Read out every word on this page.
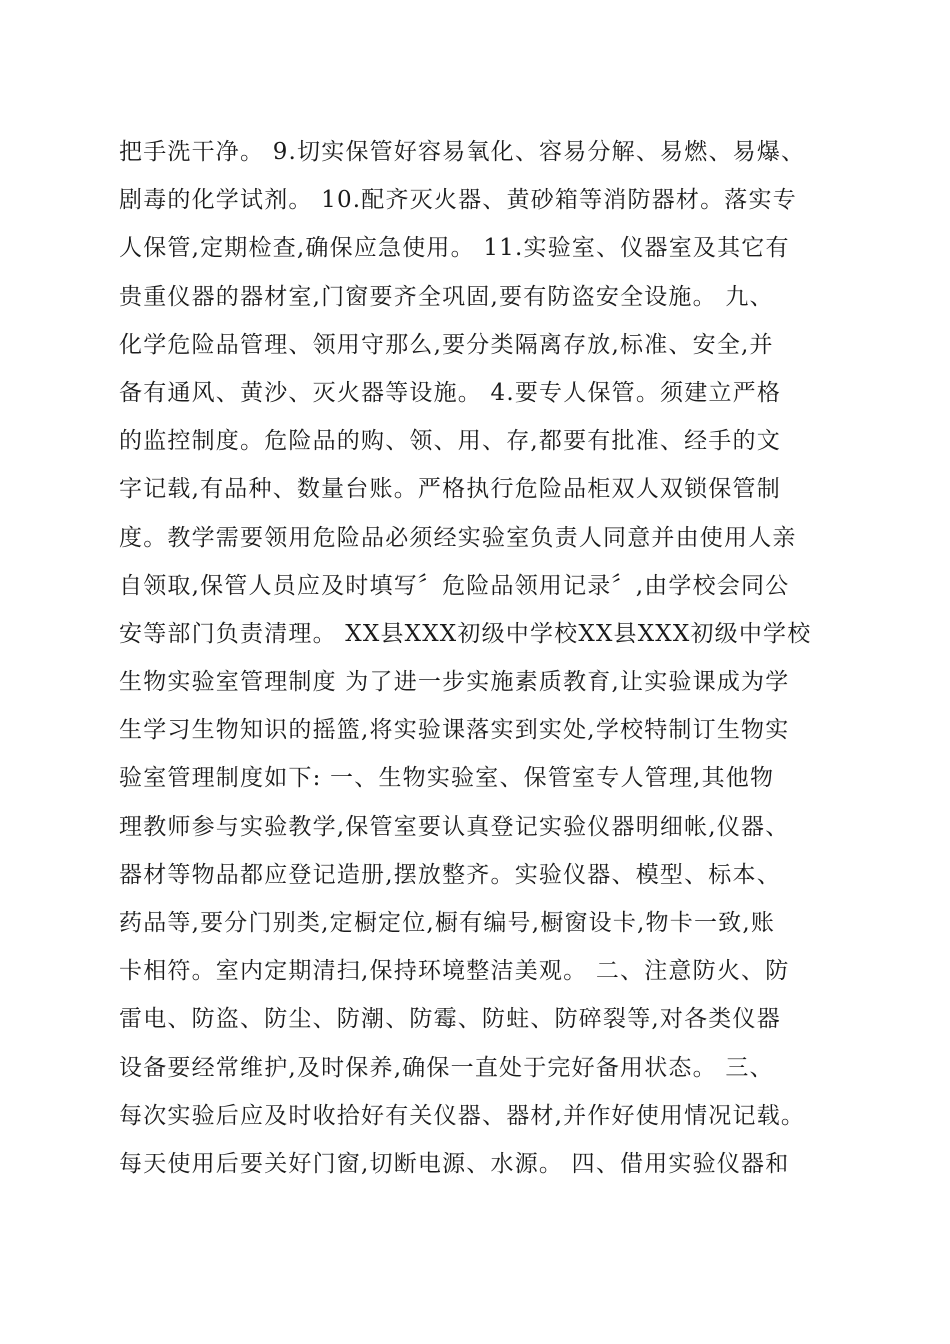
把手洗干净。 9.切实保管好容易氧化、容易分解、易燃、易爆、
剧毒的化学试剂。 10.配齐灭火器、黄砂箱等消防器材。落实专
人保管,定期检查,确保应急使用。 11.实验室、仪器室及其它有
贵重仪器的器材室,门窗要齐全巩固,要有防盗安全设施。 九、
化学危险品管理、领用守那么,要分类隔离存放,标准、安全,并
备有通风、黄沙、灭火器等设施。 4.要专人保管。须建立严格
的监控制度。危险品的购、领、用、存,都要有批准、经手的文
字记载,有品种、数量台账。严格执行危险品柜双人双锁保管制
度。教学需要领用危险品必须经实验室负责人同意并由使用人亲
自领取,保管人员应及时填写〞危险品领用记录〞,由学校会同公
安等部门负责清理。 XX县XXX初级中学校XX县XXX初级中学校
生物实验室管理制度 为了进一步实施素质教育,让实验课成为学
生学习生物知识的摇篮,将实验课落实到实处,学校特制订生物实
验室管理制度如下: 一、生物实验室、保管室专人管理,其他物
理教师参与实验教学,保管室要认真登记实验仪器明细帐,仪器、
器材等物品都应登记造册,摆放整齐。实验仪器、模型、标本、
药品等,要分门别类,定橱定位,橱有编号,橱窗设卡,物卡一致,账
卡相符。室内定期清扫,保持环境整洁美观。 二、注意防火、防
雷电、防盗、防尘、防潮、防霉、防蛀、防碎裂等,对各类仪器
设备要经常维护,及时保养,确保一直处于完好备用状态。 三、
每次实验后应及时收拾好有关仪器、器材,并作好使用情况记载。
每天使用后要关好门窗,切断电源、水源。 四、借用实验仪器和
